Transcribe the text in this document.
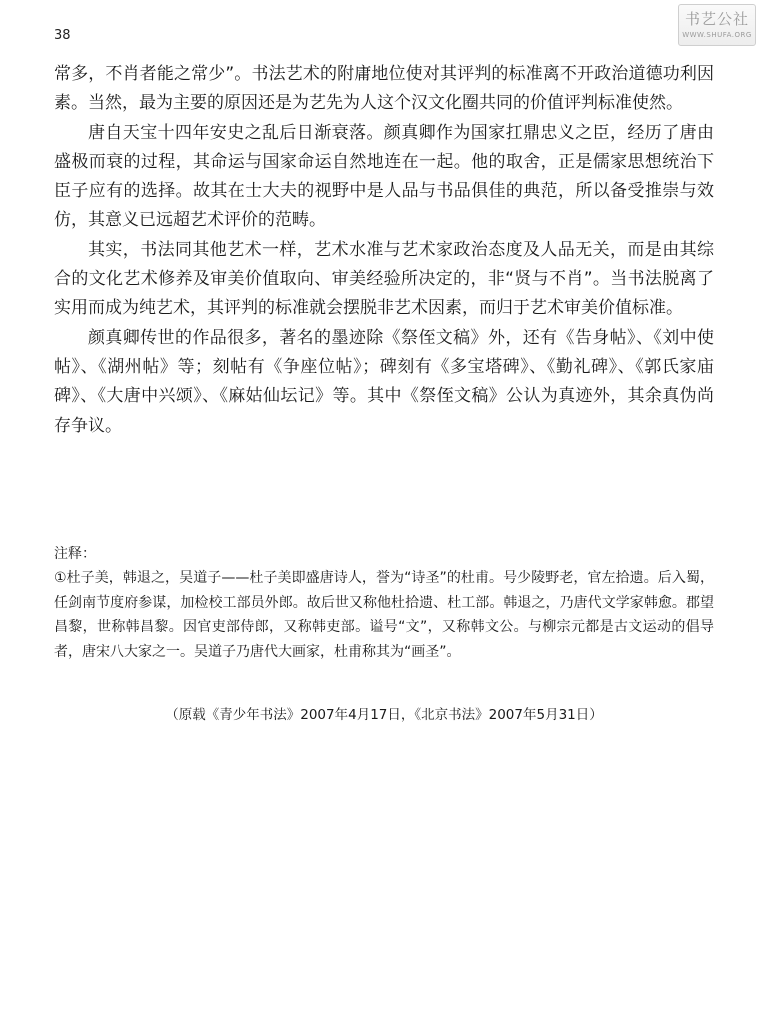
38
书艺公社
WWW.SHUFA.ORG

常多，不肖者能之常少”。书法艺术的附庸地位使对其评判的标准离不开政治道德功利因素。当然，最为主要的原因还是为艺先为人这个汉文化圈共同的价值评判标准使然。

唐自天宝十四年安史之乱后日渐衰落。颜真卿作为国家扛鼎忠义之臣，经历了唐由盛极而衰的过程，其命运与国家命运自然地连在一起。他的取舍，正是儒家思想统治下臣子应有的选择。故其在士大夫的视野中是人品与书品俱佳的典范，所以备受推崇与效仿，其意义已远超艺术评价的范畴。

其实，书法同其他艺术一样，艺术水准与艺术家政治态度及人品无关，而是由其综合的文化艺术修养及审美价值取向、审美经验所决定的，非“贤与不肖”。当书法脱离了实用而成为纯艺术，其评判的标准就会摆脱非艺术因素，而归于艺术审美价值标准。

颜真卿传世的作品很多，著名的墨迹除《祭侄文稿》外，还有《告身帖》、《刘中使帖》、《湖州帖》等；刻帖有《争座位帖》；碑刻有《多宝塔碑》、《勤礼碑》、《郭氏家庙碑》、《大唐中兴颂》、《麻姑仙坛记》等。其中《祭侄文稿》公认为真迹外，其余真伪尚存争议。

注释：

①杜子美，韩退之，吴道子——杜子美即盛唐诗人，誉为“诗圣”的杜甫。号少陵野老，官左拾遗。后入蜀，任剑南节度府参谋，加检校工部员外郎。故后世又称他杜拾遗、杜工部。韩退之，乃唐代文学家韩愈。郡望昌黎，世称韩昌黎。因官吏部侍郎，又称韩吏部。谥号“文”，又称韩文公。与柳宗元都是古文运动的倡导者，唐宋八大家之一。吴道子乃唐代大画家，杜甫称其为“画圣”。

（原载《青少年书法》2007年4月17日，《北京书法》2007年5月31日）
